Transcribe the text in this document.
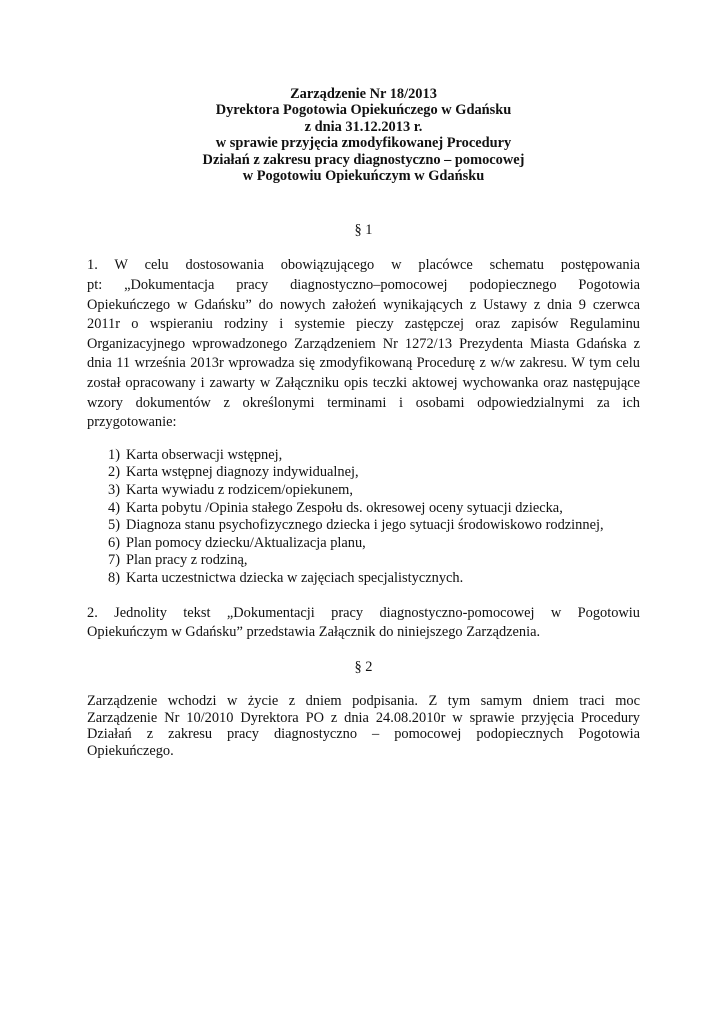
Zarządzenie Nr 18/2013
Dyrektora Pogotowia Opiekuńczego w Gdańsku
z dnia 31.12.2013 r.
w sprawie przyjęcia zmodyfikowanej Procedury
Działań z zakresu pracy diagnostyczno – pomocowej
w Pogotowiu Opiekuńczym w Gdańsku
§ 1
1. W celu dostosowania obowiązującego w placówce schematu postępowania
pt: „Dokumentacja pracy diagnostyczno–pomocowej podopiecznego Pogotowia
Opiekuńczego w Gdańsku” do nowych założeń wynikających z Ustawy z dnia 9 czerwca
2011r o wspieraniu rodziny i systemie pieczy zastępczej oraz zapisów Regulaminu
Organizacyjnego wprowadzonego Zarządzeniem Nr 1272/13 Prezydenta Miasta Gdańska z
dnia 11 września 2013r wprowadza się zmodyfikowaną Procedurę z w/w zakresu. W tym celu
został opracowany i zawarty w Załączniku opis teczki aktowej wychowanka oraz następujące
wzory dokumentów z określonymi terminami i osobami odpowiedzialnymi za ich
przygotowanie:
1) Karta obserwacji wstępnej,
2) Karta wstępnej diagnozy indywidualnej,
3) Karta wywiadu z rodzicem/opiekunem,
4) Karta pobytu /Opinia stałego Zespołu ds. okresowej oceny sytuacji dziecka,
5) Diagnoza stanu psychofizycznego dziecka i jego sytuacji środowiskowo rodzinnej,
6) Plan pomocy dziecku/Aktualizacja planu,
7) Plan pracy z rodziną,
8) Karta uczestnictwa dziecka w zajęciach specjalistycznych.
2. Jednolity tekst „Dokumentacji pracy diagnostyczno-pomocowej w Pogotowiu
Opiekuńczym w Gdańsku” przedstawia Załącznik do niniejszego Zarządzenia.
§ 2
Zarządzenie wchodzi w życie z dniem podpisania. Z tym samym dniem traci moc
Zarządzenie Nr 10/2010 Dyrektora PO z dnia 24.08.2010r w sprawie przyjęcia Procedury
Działań z zakresu pracy diagnostyczno – pomocowej podopiecznych Pogotowia
Opiekuńczego.
